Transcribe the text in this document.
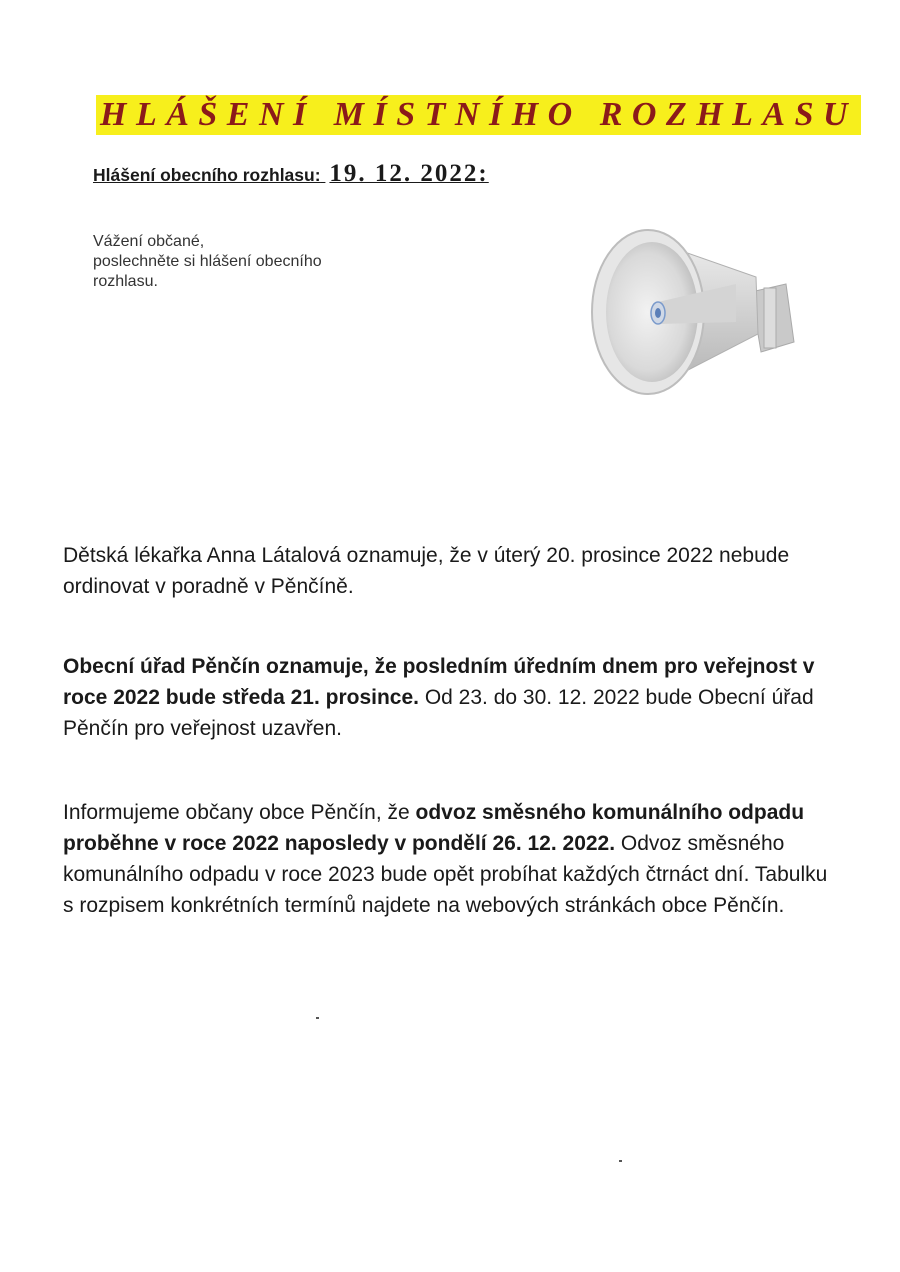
HLÁŠENÍ MÍSTNÍHO ROZHLASU
Hlášení obecního rozhlasu: 19. 12. 2022:
Vážení občané,
poslechněte si hlášení obecního
rozhlasu.
Dětská lékařka Anna Látalová oznamuje, že v úterý 20. prosince 2022 nebude ordinovat v poradně v Pěnčíně.
Obecní úřad Pěnčín oznamuje, že posledním úředním dnem pro veřejnost v roce 2022 bude středa 21. prosince. Od 23. do 30. 12. 2022 bude Obecní úřad Pěnčín pro veřejnost uzavřen.
Informujeme občany obce Pěnčín, že odvoz směsného komunálního odpadu proběhne v roce 2022 naposledy v pondělí 26. 12. 2022. Odvoz směsného komunálního odpadu v roce 2023 bude opět probíhat každých čtrnáct dní. Tabulku s rozpisem konkrétních termínů najdete na webových stránkách obce Pěnčín.
